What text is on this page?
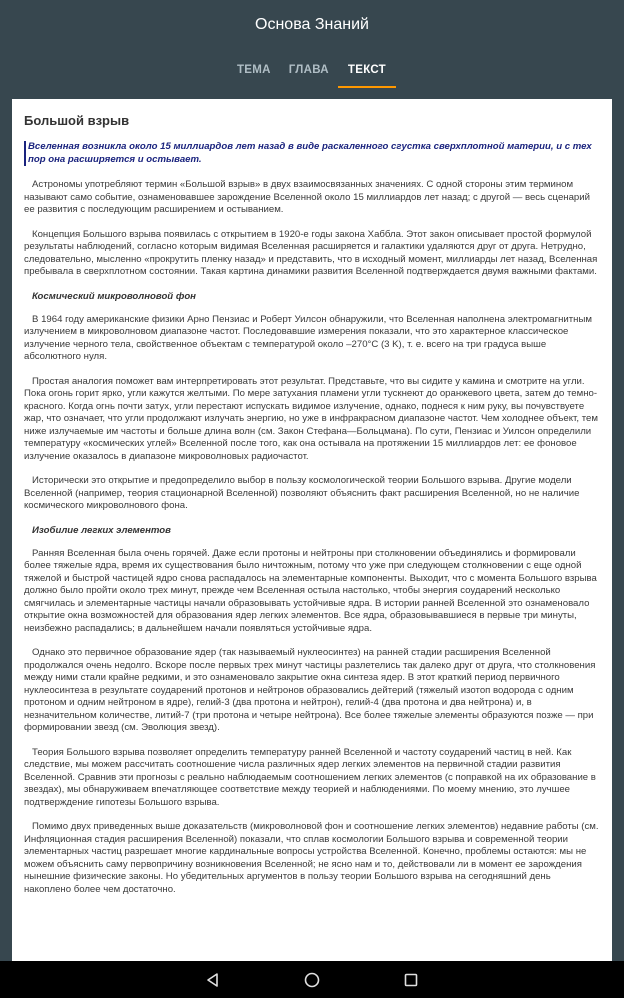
Основа Знаний
ТЕМА	ГЛАВА	ТЕКСТ
Большой взрыв
Вселенная возникла около 15 миллиардов лет назад в виде раскаленного сгустка сверхплотной материи, и с тех пор она расширяется и остывает.
Астрономы употребляют термин «Большой взрыв» в двух взаимосвязанных значениях. С одной стороны этим термином называют само событие, ознаменовавшее зарождение Вселенной около 15 миллиардов лет назад; с другой — весь сценарий ее развития с последующим расширением и остыванием.
Концепция Большого взрыва появилась с открытием в 1920-е годы закона Хаббла. Этот закон описывает простой формулой результаты наблюдений, согласно которым видимая Вселенная расширяется и галактики удаляются друг от друга. Нетрудно, следовательно, мысленно «прокрутить пленку назад» и представить, что в исходный момент, миллиарды лет назад, Вселенная пребывала в сверхплотном состоянии. Такая картина динамики развития Вселенной подтверждается двумя важными фактами.
Космический микроволновой фон
В 1964 году американские физики Арно Пензиас и Роберт Уилсон обнаружили, что Вселенная наполнена электромагнитным излучением в микроволновом диапазоне частот. Последовавшие измерения показали, что это характерное классическое излучение черного тела, свойственное объектам с температурой около –270°C (3 K), т. е. всего на три градуса выше абсолютного нуля.
Простая аналогия поможет вам интерпретировать этот результат. Представьте, что вы сидите у камина и смотрите на угли. Пока огонь горит ярко, угли кажутся желтыми. По мере затухания пламени угли тускнеют до оранжевого цвета, затем до темно-красного. Когда огнь почти затух, угли перестают испускать видимое излучение, однако, поднеся к ним руку, вы почувствуете жар, что означает, что угли продолжают излучать энергию, но уже в инфракрасном диапазоне частот. Чем холоднее объект, тем ниже излучаемые им частоты и больше длина волн (см. Закон Стефана—Больцмана). По сути, Пензиас и Уилсон определили температуру «космических углей» Вселенной после того, как она остывала на протяжении 15 миллиардов лет: ее фоновое излучение оказалось в диапазоне микроволновых радиочастот.
Исторически это открытие и предопределило выбор в пользу космологической теории Большого взрыва. Другие модели Вселенной (например, теория стационарной Вселенной) позволяют объяснить факт расширения Вселенной, но не наличие космического микроволнового фона.
Изобилие легких элементов
Ранняя Вселенная была очень горячей. Даже если протоны и нейтроны при столкновении объединялись и формировали более тяжелые ядра, время их существования было ничтожным, потому что уже при следующем столкновении с еще одной тяжелой и быстрой частицей ядро снова распадалось на элементарные компоненты. Выходит, что с момента Большого взрыва должно было пройти около трех минут, прежде чем Вселенная остыла настолько, чтобы энергия соударений несколько смягчилась и элементарные частицы начали образовывать устойчивые ядра. В истории ранней Вселенной это ознаменовало открытие окна возможностей для образования ядер легких элементов. Все ядра, образовывавшиеся в первые три минуты, неизбежно распадались; в дальнейшем начали появляться устойчивые ядра.
Однако это первичное образование ядер (так называемый нуклеосинтез) на ранней стадии расширения Вселенной продолжался очень недолго. Вскоре после первых трех минут частицы разлетелись так далеко друг от друга, что столкновения между ними стали крайне редкими, и это ознаменовало закрытие окна синтеза ядер. В этот краткий период первичного нуклеосинтеза в результате соударений протонов и нейтронов образовались дейтерий (тяжелый изотоп водорода с одним протоном и одним нейтроном в ядре), гелий-3 (два протона и нейтрон), гелий-4 (два протона и два нейтрона) и, в незначительном количестве, литий-7 (три протона и четыре нейтрона). Все более тяжелые элементы образуются позже — при формировании звезд (см. Эволюция звезд).
Теория Большого взрыва позволяет определить температуру ранней Вселенной и частоту соударений частиц в ней. Как следствие, мы можем рассчитать соотношение числа различных ядер легких элементов на первичной стадии развития Вселенной. Сравнив эти прогнозы с реально наблюдаемым соотношением легких элементов (с поправкой на их образование в звездах), мы обнаруживаем впечатляющее соответствие между теорией и наблюдениями. По моему мнению, это лучшее подтверждение гипотезы Большого взрыва.
Помимо двух приведенных выше доказательств (микроволновой фон и соотношение легких элементов) недавние работы (см. Инфляционная стадия расширения Вселенной) показали, что сплав космологии Большого взрыва и современной теории элементарных частиц разрешает многие кардинальные вопросы устройства Вселенной. Конечно, проблемы остаются: мы не можем объяснить саму первопричину возникновения Вселенной; не ясно нам и то, действовали ли в момент ее зарождения нынешние физические законы. Но убедительных аргументов в пользу теории Большого взрыва на сегодняшний день накоплено более чем достаточно.
